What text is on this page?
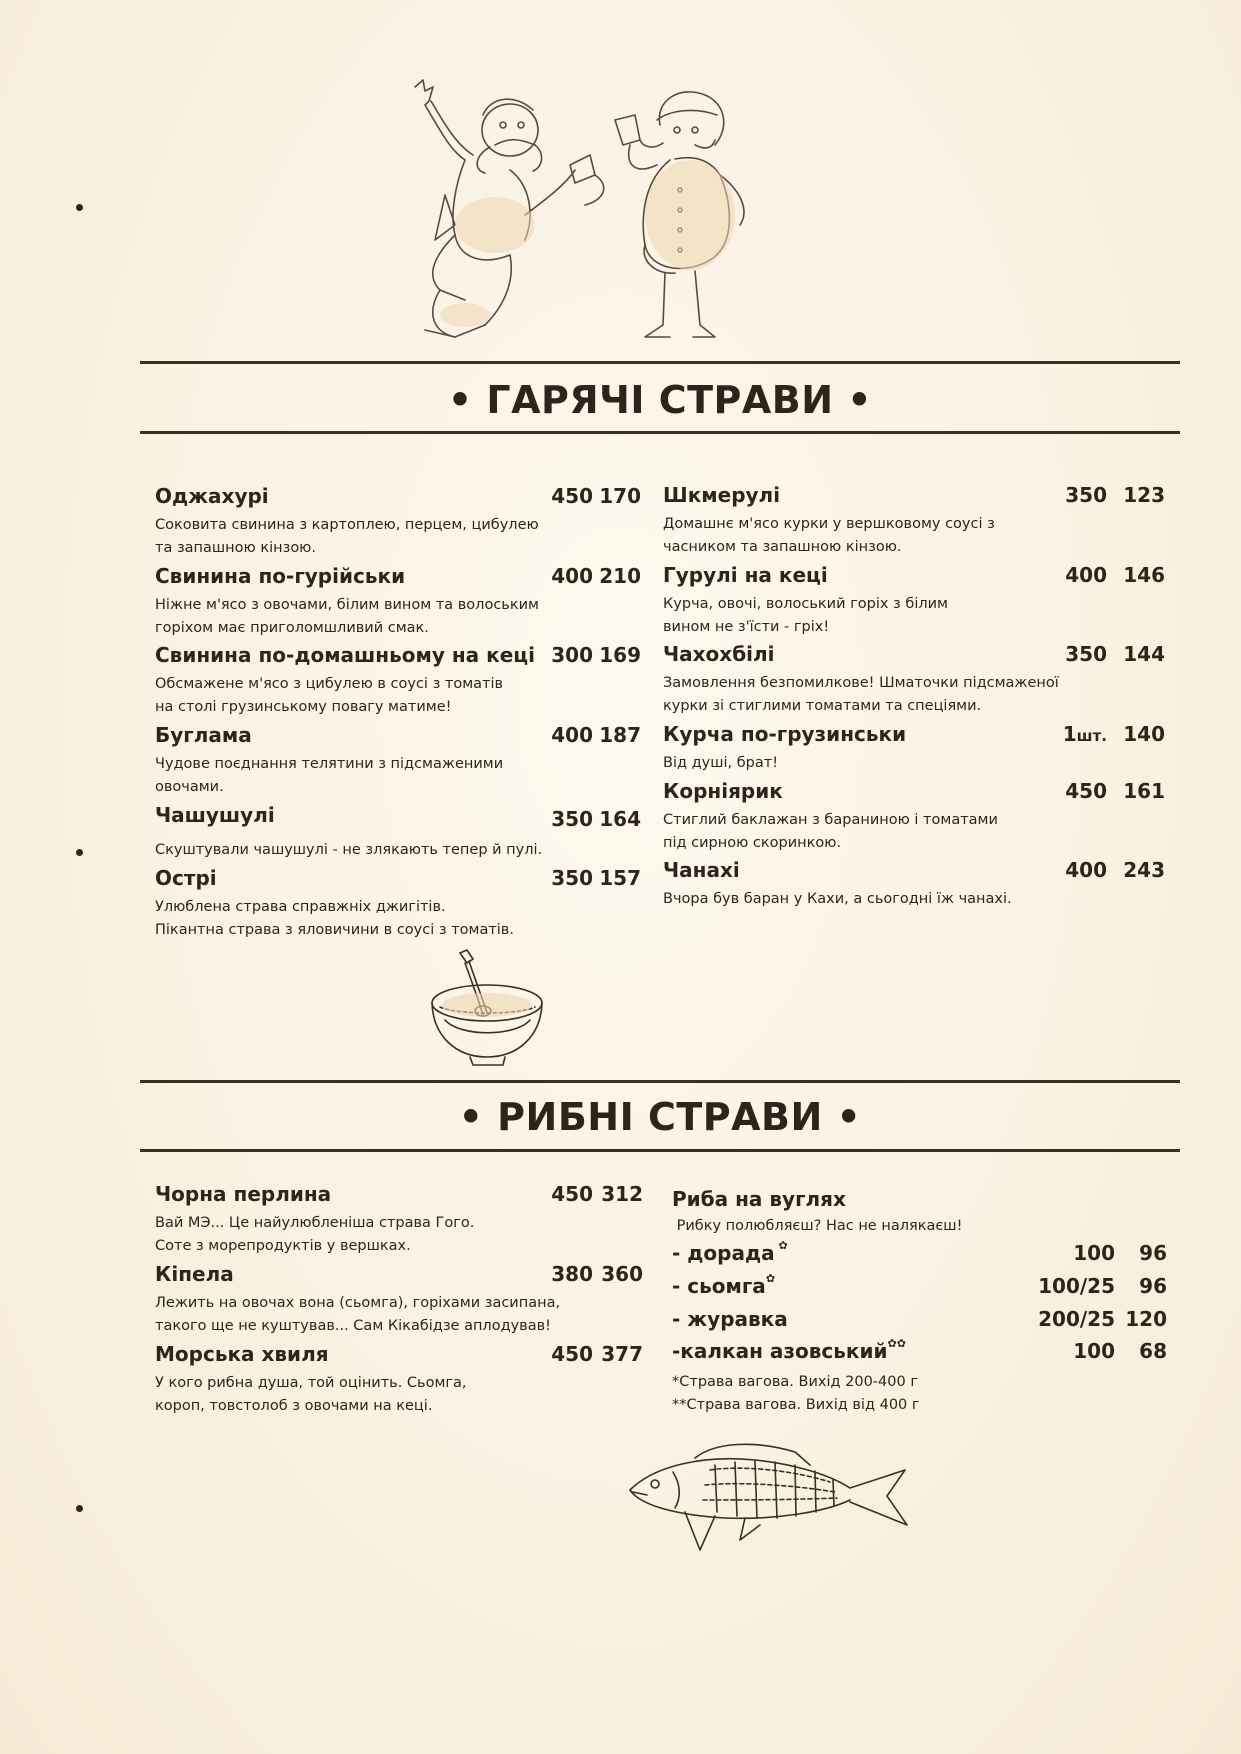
• ГАРЯЧІ СТРАВИ •
Оджахурі	450 170
Соковита свинина з картоплею, перцем, цибулею
та запашною кінзою.
Свинина по-гурійськи	400 210
Ніжне м'ясо з овочами, білим вином та волоським
горіхом має приголомшливий смак.
Свинина по-домашньому на кеці 300 169
Обсмажене м'ясо з цибулею в соусі з томатів
на столі грузинському повагу матиме!
Буглама	400 187
Чудове поєднання телятини з підсмаженими
овочами.
Чашушулі	350 164
Скуштували чашушулі - не злякають тепер й пулі.
Острі	350 157
Улюблена страва справжніх джигітів.
Пікантна страва з яловичини в соусі з томатів.
Шкмерулі	350 123
Домашнє м'ясо курки у вершковому соусі з
часником та запашною кінзою.
Гурулі на кеці	400 146
Курча, овочі, волоський горіх з білим
вином не з'їсти - гріх!
Чахохбілі	350 144
Замовлення безпомилкове! Шматочки підсмаженої
курки зі стиглими томатами та спеціями.
Курча по-грузинськи	1шт. 140
Від душі, брат!
Корніярик	450 161
Стиглий баклажан з бараниною і томатами
під сирною скоринкою.
Чанахі	400 243
Вчора був баран у Кахи, а сьогодні їж чанахі.
• РИБНІ СТРАВИ •
Чорна перлина	450 312
Вай МЭ... Це найулюбленіша страва Гого.
Соте з морепродуктів у вершках.
Кіпела	380 360
Лежить на овочах вона (сьомга), горіхами засипана,
такого ще не куштував... Сам Кікабідзе аплодував!
Морська хвиля	450 377
У кого рибна душа, той оцінить. Сьомга,
короп, товстолоб з овочами на кеці.
Риба на вуглях
Рибку полюбляєш? Нас не налякаєш!
- дорада ✿	100 96
- сьомга✿	100/25 96
- журавка	200/25 120
-калкан азовський✿✿	100 68
*Страва вагова. Вихід 200-400 г
**Страва вагова. Вихід від 400 г
